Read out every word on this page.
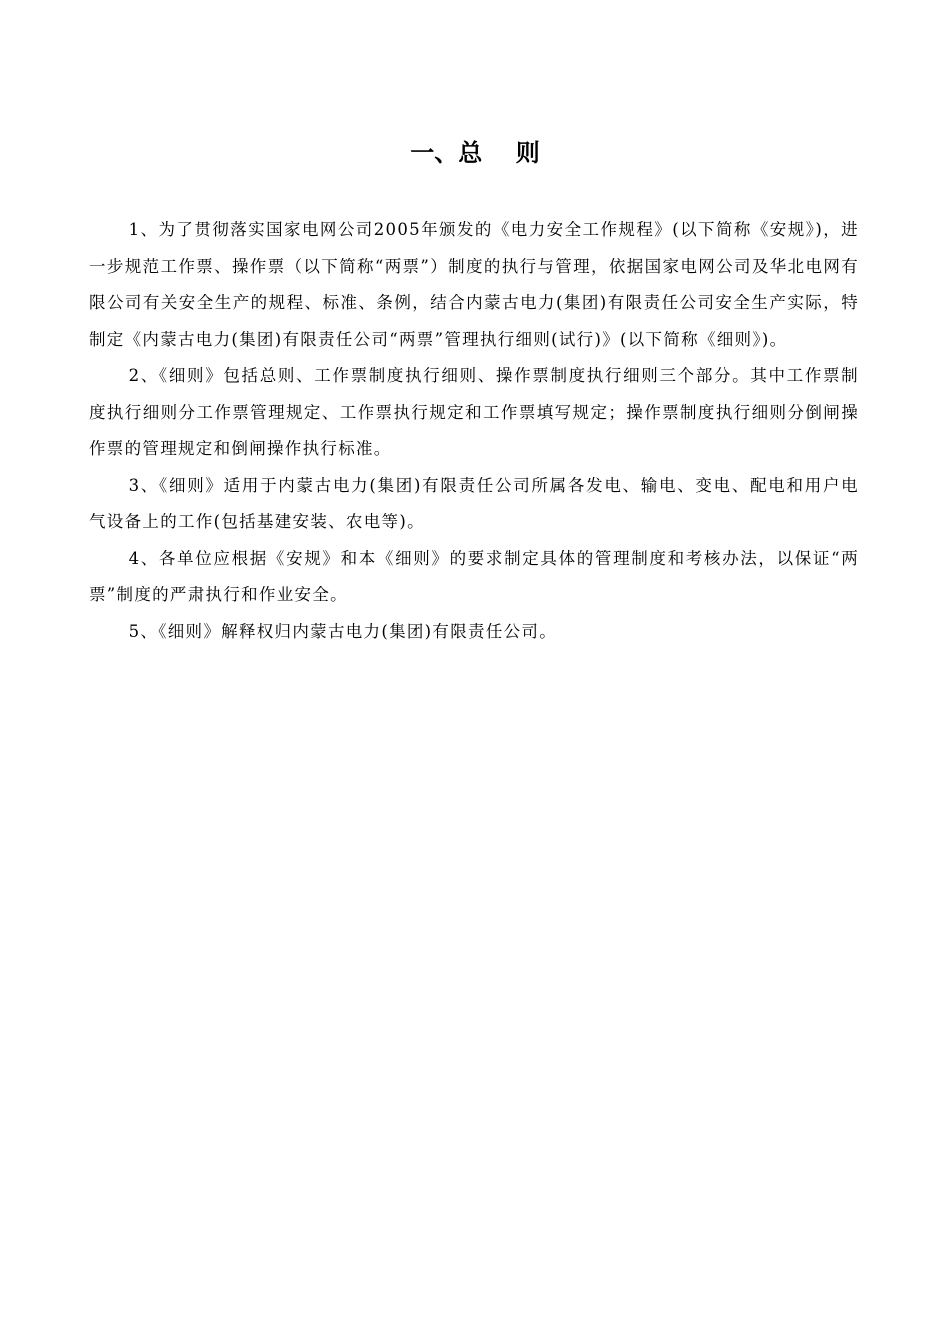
一、总    则

1、为了贯彻落实国家电网公司2005年颁发的《电力安全工作规程》(以下简称《安规》)，进一步规范工作票、操作票（以下简称“两票”）制度的执行与管理，依据国家电网公司及华北电网有限公司有关安全生产的规程、标准、条例，结合内蒙古电力(集团)有限责任公司安全生产实际，特制定《内蒙古电力(集团)有限责任公司“两票”管理执行细则(试行)》(以下简称《细则》)。

2、《细则》包括总则、工作票制度执行细则、操作票制度执行细则三个部分。其中工作票制度执行细则分工作票管理规定、工作票执行规定和工作票填写规定；操作票制度执行细则分倒闸操作票的管理规定和倒闸操作执行标准。

3、《细则》适用于内蒙古电力(集团)有限责任公司所属各发电、输电、变电、配电和用户电气设备上的工作(包括基建安装、农电等)。

4、各单位应根据《安规》和本《细则》的要求制定具体的管理制度和考核办法，以保证“两票”制度的严肃执行和作业安全。

5、《细则》解释权归内蒙古电力(集团)有限责任公司。
